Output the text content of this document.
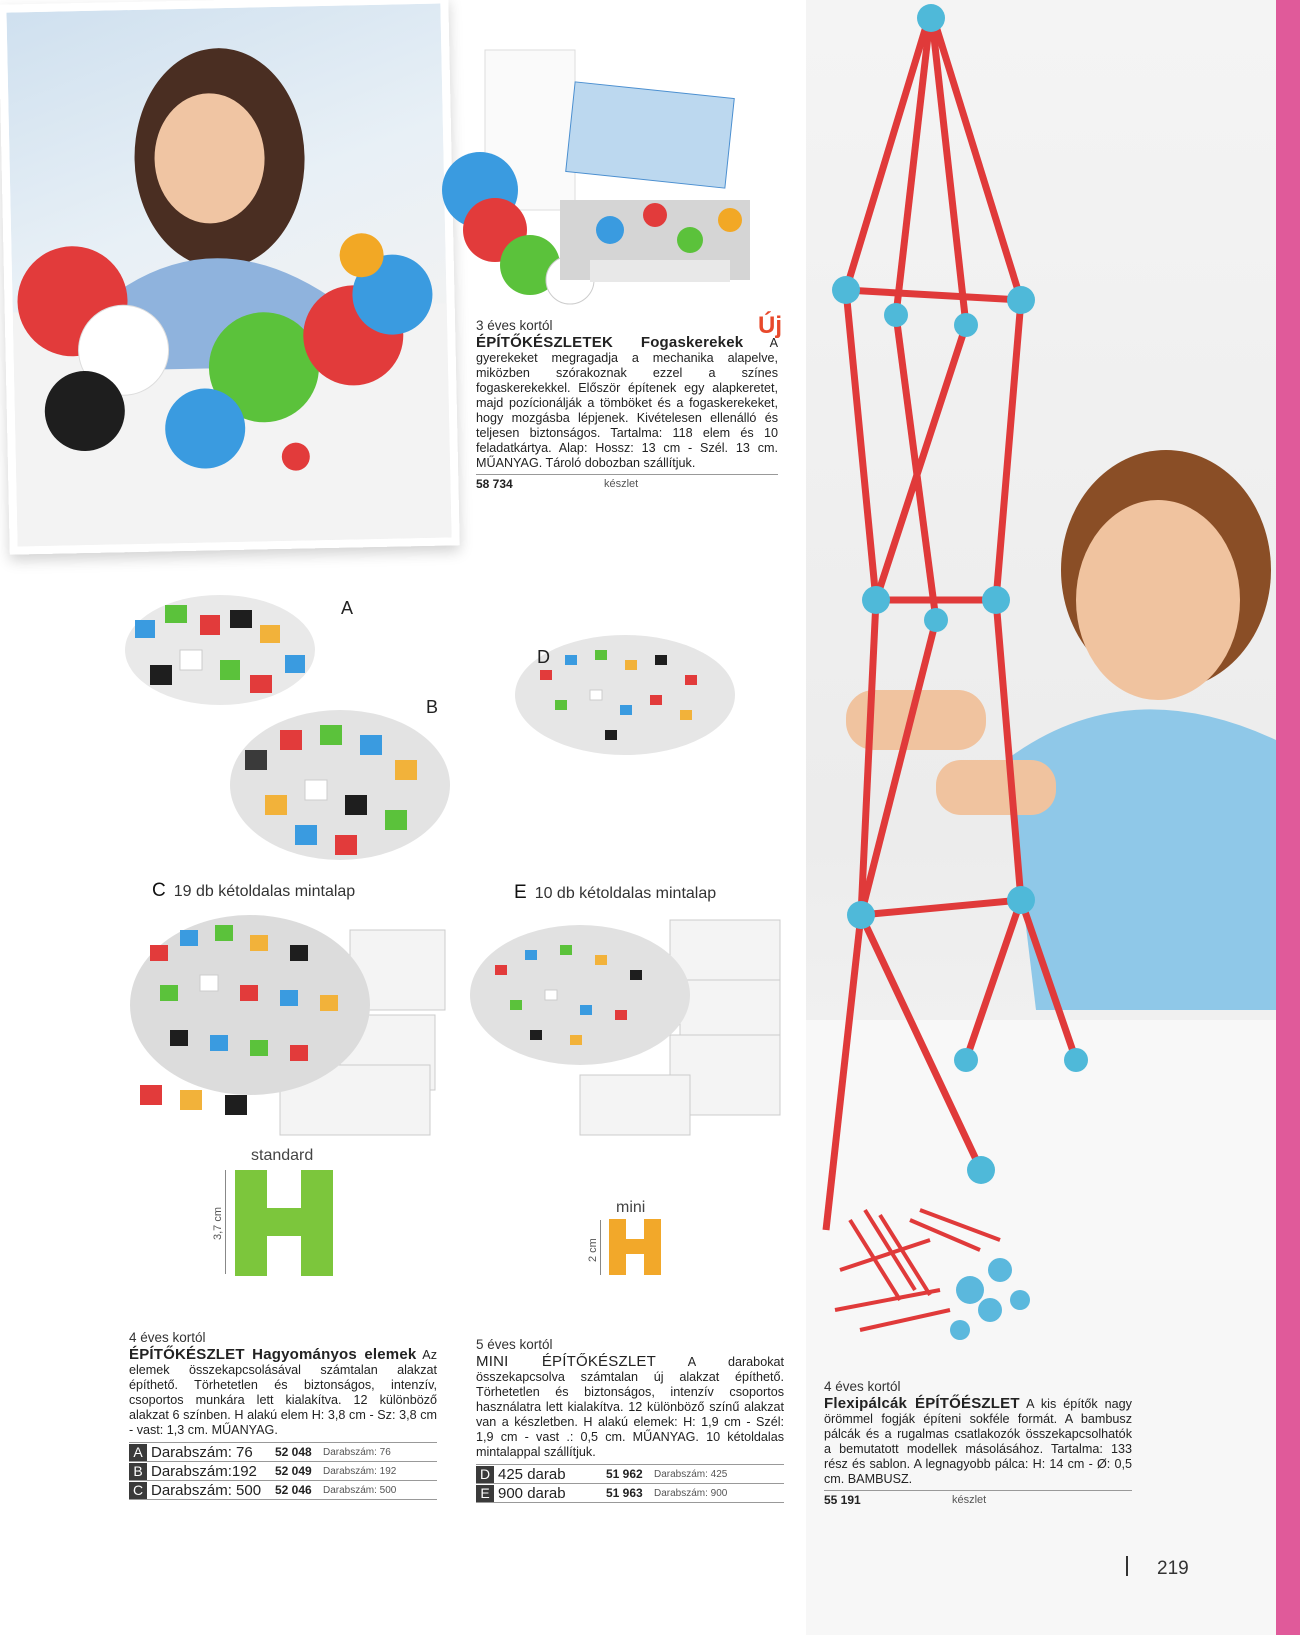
Új
3 éves kortól
ÉPÍTŐKÉSZLETEK Fogaskerekek A gyerekeket megragadja a mechanika alapelve, miközben szórakoznak ezzel a színes fogaskerekekkel. Először építenek egy alapkeretet, majd pozícionálják a tömböket és a fogaskerekeket, hogy mozgásba lépjenek. Kivételesen ellenálló és teljesen biztonságos. Tartalma: 118 elem és 10 feladatkártya. Alap: Hossz: 13 cm - Szél. 13 cm. MŰANYAG. Tároló dobozban szállítjuk.
58 734	készlet
A
B
D
C 19 db kétoldalas mintalap	E 10 db kétoldalas mintalap
standard
3,7 cm	mini
2 cm
4 éves kortól
ÉPÍTŐKÉSZLET Hagyományos elemek Az elemek összekapcsolásával számtalan alakzat építhető. Törhetetlen és biztonságos, intenzív, csoportos munkára lett kialakítva. 12 különböző alakzat 6 színben. H alakú elem H: 3,8 cm - Sz: 3,8 cm - vast: 1,3 cm. MŰANYAG.
A Darabszám: 76	52 048	Darabszám: 76
B Darabszám:192	52 049	Darabszám: 192
C Darabszám: 500	52 046	Darabszám: 500
5 éves kortól
MINI ÉPÍTŐKÉSZLET	A darabokat összekapcsolva számtalan új alakzat építhető. Törhetetlen és biztonságos, intenzív csoportos használatra lett kialakítva. 12 különböző színű alakzat van a készletben. H alakú elemek: H: 1,9 cm - Szél: 1,9 cm - vast .: 0,5 cm. MŰANYAG. 10 kétoldalas mintalappal szállítjuk.
D 425 darab	51 962	Darabszám: 425
E 900 darab	51 963	Darabszám: 900
4 éves kortól
Flexipálcák ÉPÍTŐÉSZLET A kis építők nagy örömmel fogják építeni sokféle formát. A bambusz pálcák és a rugalmas csatlakozók összekapcsolhatók a bemutatott modellek másolásához. Tartalma: 133 rész és sablon. A legnagyobb pálca: H: 14 cm - Ø: 0,5 cm. BAMBUSZ.
55 191	készlet
219
